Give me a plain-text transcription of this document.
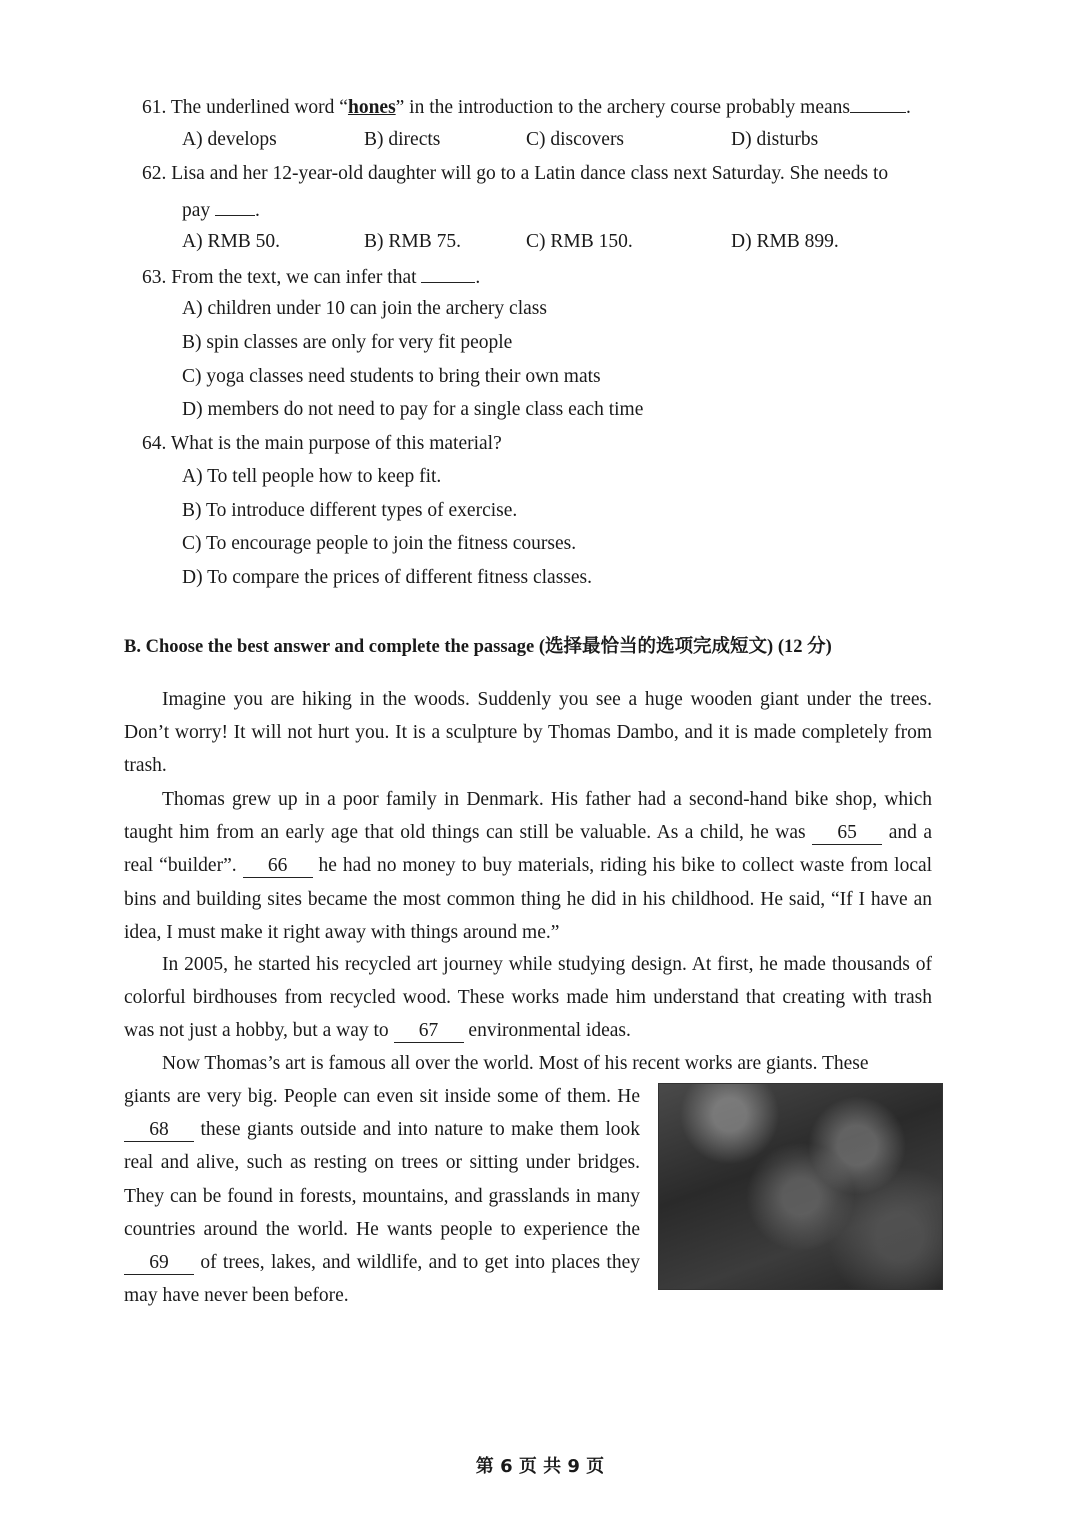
61. The underlined word “hones” in the introduction to the archery course probably means	.
A) develops	B) directs	C) discovers	D) disturbs
62. Lisa and her 12-year-old daughter will go to a Latin dance class next Saturday. She needs to
pay .
A) RMB 50.	B) RMB 75.	C) RMB 150.	D) RMB 899.
63. From the text, we can infer that	.
A) children under 10 can join the archery class
B) spin classes are only for very fit people
C) yoga classes need students to bring their own mats
D) members do not need to pay for a single class each time
64. What is the main purpose of this material?
A) To tell people how to keep fit.
B) To introduce different types of exercise.
C) To encourage people to join the fitness courses.
D) To compare the prices of different fitness classes.
B. Choose the best answer and complete the passage (选择最恰当的选项完成短文) (12 分)
Imagine you are hiking in the woods. Suddenly you see a huge wooden giant under the trees. Don’t worry! It will not hurt you. It is a sculpture by Thomas Dambo, and it is made completely from trash.
Thomas grew up in a poor family in Denmark. His father had a second-hand bike shop, which taught him from an early age that old things can still be valuable. As a child, he was 65 and a real “builder”. 66 he had no money to buy materials, riding his bike to collect waste from local bins and building sites became the most common thing he did in his childhood. He said, “If I have an idea, I must make it right away with things around me.”
In 2005, he started his recycled art journey while studying design. At first, he made thousands of colorful birdhouses from recycled wood. These works made him understand that creating with trash was not just a hobby, but a way to 67 environmental ideas.
Now Thomas’s art is famous all over the world. Most of his recent works are giants. These
giants are very big. People can even sit inside some of them. He 68 these giants outside and into nature to make them look real and alive, such as resting on trees or sitting under bridges. They can be found in forests, mountains, and grasslands in many countries around the world. He wants people to experience the 69 of trees, lakes, and wildlife, and to get into places they may have never been before.
第 6 页 共 9 页
